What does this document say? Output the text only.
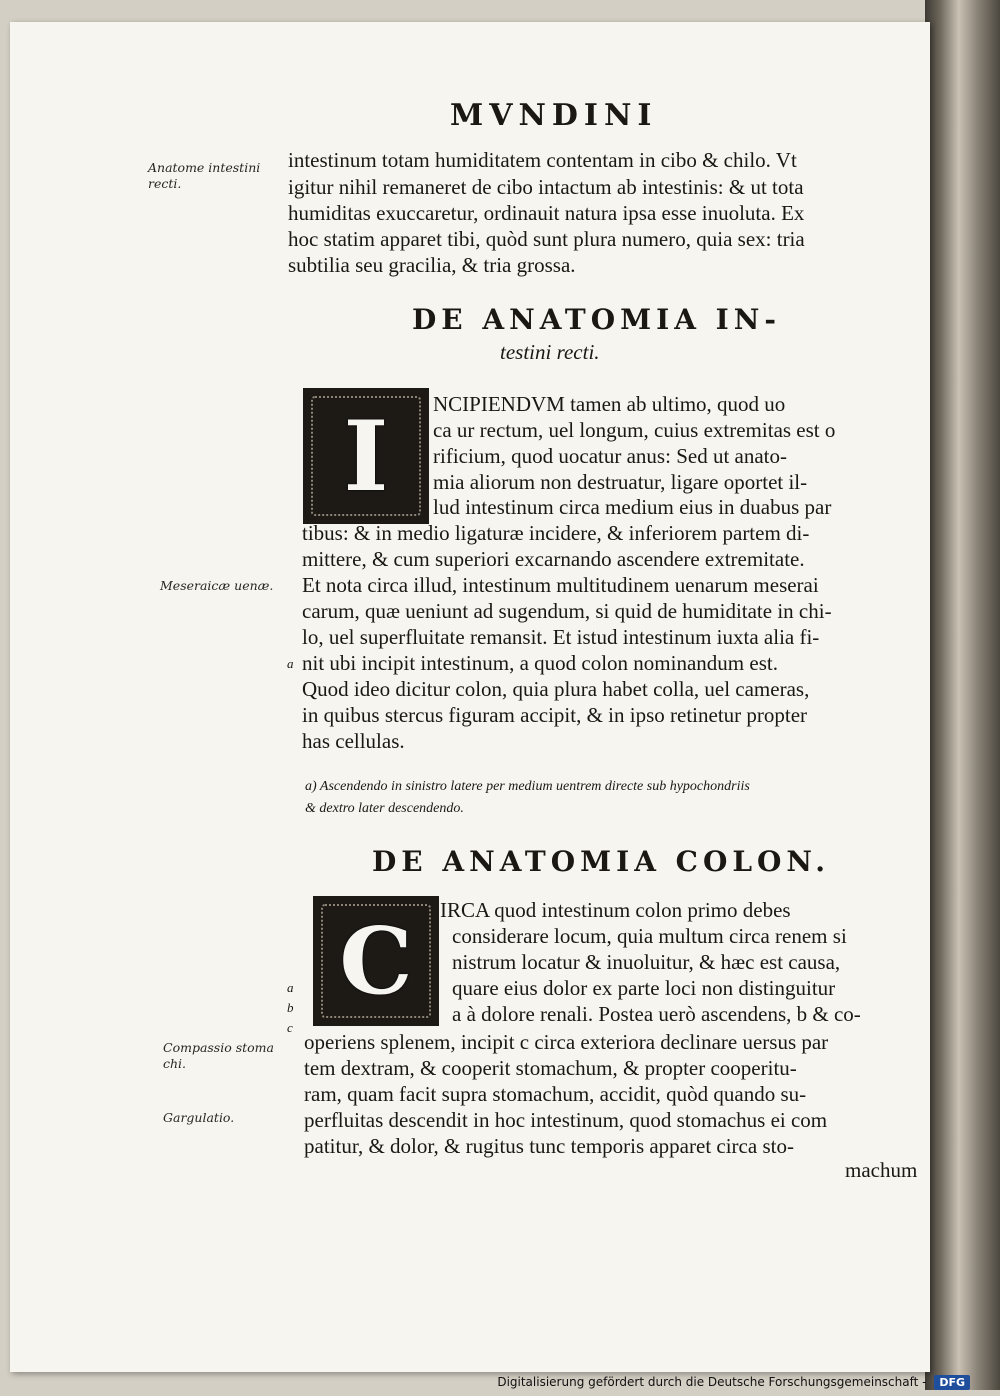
MVNDINI
Anatome intestini recti.
Meseraicæ uenæ.
Compassio stoma chi.
Gargulatio.
intestinum totam humiditatem contentam in cibo & chilo. Vt
igitur nihil remaneret de cibo intactum ab intestinis: & ut tota
humiditas exuccaretur, ordinauit natura ipsa esse inuoluta. Ex
hoc statim apparet tibi, quòd sunt plura numero, quia sex: tria
subtilia seu gracilia, & tria grossa.
DE ANATOMIA IN-
testini recti.
I NCIPIENDVM tamen ab ultimo, quod uo
ca ur rectum, uel longum, cuius extremitas est o
rificium, quod uocatur anus: Sed ut anato-
mia aliorum non destruatur, ligare oportet il-
lud intestinum circa medium eius in duabus par
tibus: & in medio ligaturæ incidere, & inferiorem partem di-
mittere, & cum superiori excarnando ascendere extremitate.
Et nota circa illud, intestinum multitudinem uenarum meserai
carum, quæ ueniunt ad sugendum, si quid de humiditate in chi-
lo, uel superfluitate remansit. Et istud intestinum iuxta alia fi-
a nit ubi incipit intestinum, a quod colon nominandum est.
Quod ideo dicitur colon, quia plura habet colla, uel cameras,
in quibus stercus figuram accipit, & in ipso retinetur propter
has cellulas.
a) Ascendendo in sinistro latere per medium uentrem directe sub hypochondriis
& dextro later descendendo.
DE ANATOMIA COLON.
C IRCA quod intestinum colon primo debes
considerare locum, quia multum circa renem si
nistrum locatur & inuoluitur, & hæc est causa,
quare eius dolor ex parte loci non distinguitur
a à dolore renali. Postea uerò ascendens, b & co-
a
b
c
operiens splenem, incipit c circa exteriora declinare uersus par
tem dextram, & cooperit stomachum, & propter cooperitu-
ram, quam facit supra stomachum, accidit, quòd quando su-
perfluitas descendit in hoc intestinum, quod stomachus ei com
patitur, & dolor, & rugitus tunc temporis apparet circa sto-
machum
Digitalisierung gefördert durch die Deutsche Forschungsgemeinschaft - DFG
